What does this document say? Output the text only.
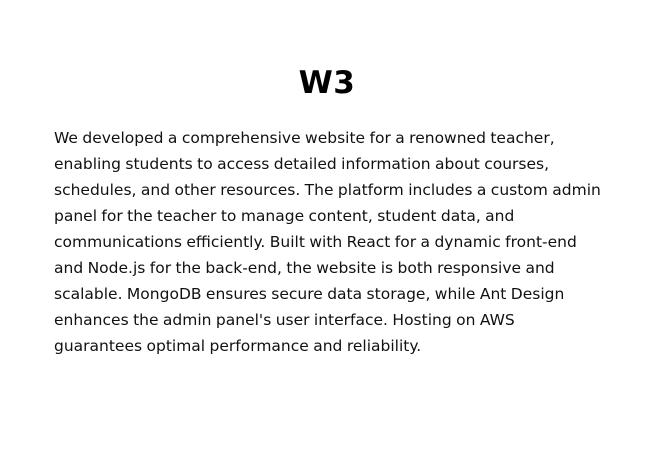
W3

We developed a comprehensive website for a renowned teacher, enabling students to access detailed information about courses, schedules, and other resources. The platform includes a custom admin panel for the teacher to manage content, student data, and communications efficiently. Built with React for a dynamic front-end and Node.js for the back-end, the website is both responsive and scalable. MongoDB ensures secure data storage, while Ant Design enhances the admin panel's user interface. Hosting on AWS guarantees optimal performance and reliability.
